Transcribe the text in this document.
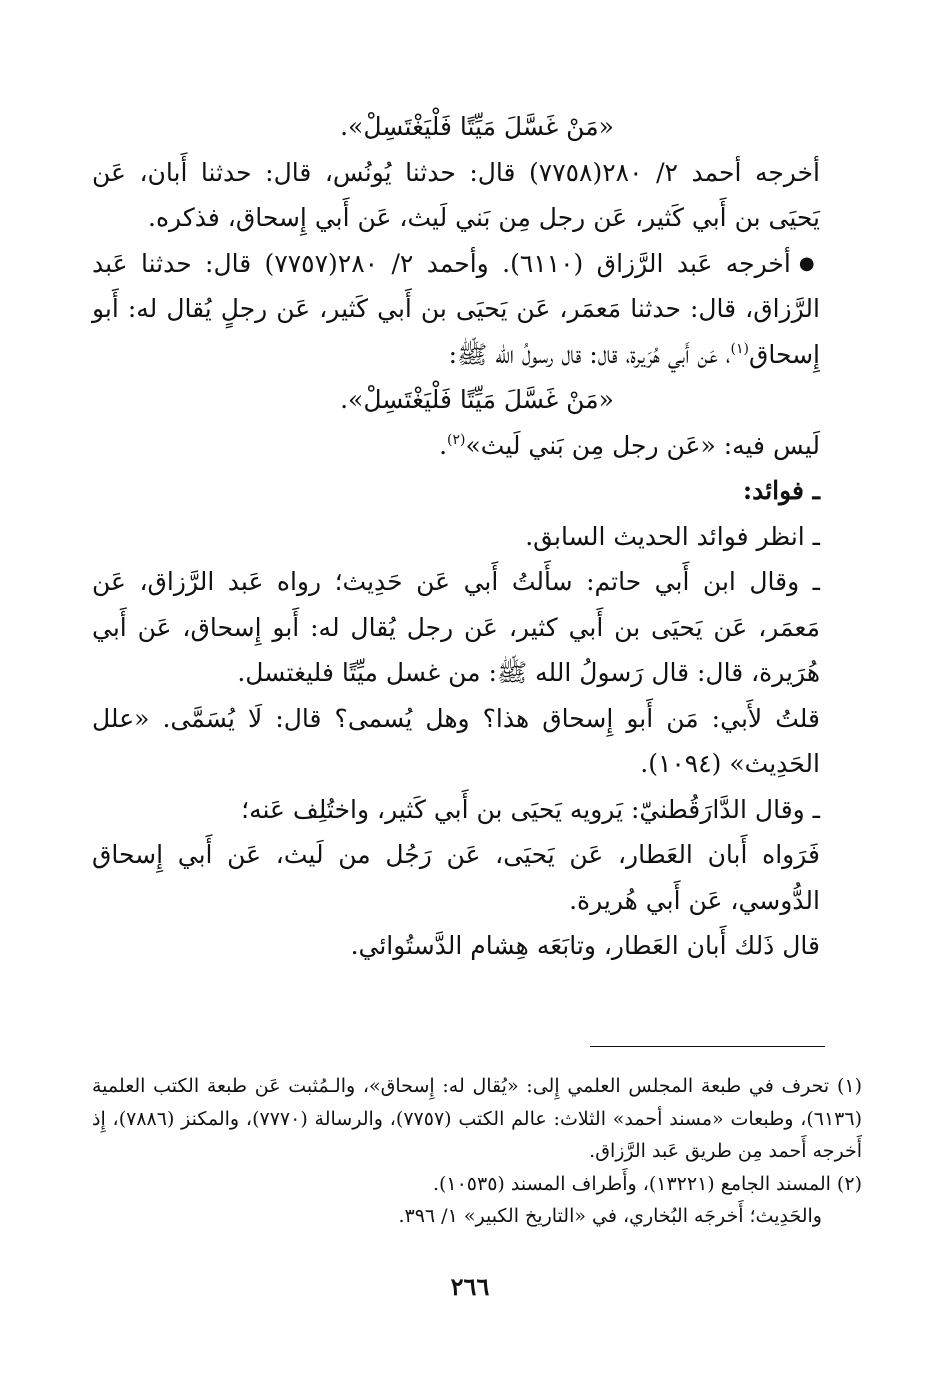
«مَنْ غَسَّلَ مَيِّتًا فَلْيَغْتَسِلْ».

أخرجه أحمد ٢/ ٢٨٠(٧٧٥٨) قال: حدثنا يُونُس، قال: حدثنا أَبان، عَن يَحيَى بن أَبي كَثير، عَن رجل مِن بَني لَيث، عَن أَبي إِسحاق، فذكره.

●أخرجه عَبد الرَّزاق (٦١١٠). وأحمد ٢/ ٢٨٠(٧٧٥٧) قال: حدثنا عَبد الرَّزاق، قال: حدثنا مَعمَر، عَن يَحيَى بن أَبي كَثير، عَن رجلٍ يُقال له: أَبو إِسحاق$^{(١)}$، عَن أَبي هُرَيرة، قال: قال رسولُ الله ﷺ:

«مَنْ غَسَّلَ مَيِّتًا فَلْيَغْتَسِلْ».

لَيس فيه: «عَن رجل مِن بَني لَيث»$^{(٢)}$.

ـ فوائد:

ـ انظر فوائد الحديث السابق.

ـ وقال ابن أَبي حاتم: سأَلتُ أَبي عَن حَدِيث؛ رواه عَبد الرَّزاق، عَن مَعمَر، عَن يَحيَى بن أَبي كثير، عَن رجل يُقال له: أَبو إِسحاق، عَن أَبي هُرَيرة، قال: قال رَسولُ الله ﷺ: من غسل ميِّتًا فليغتسل.

قلتُ لأَبي: مَن أَبو إِسحاق هذا؟ وهل يُسمى؟ قال: لَا يُسَمَّى. «علل الحَدِيث» (١٠٩٤).

ـ وقال الدَّارَقُطنيّ: يَرويه يَحيَى بن أَبي كَثير، واختُلِف عَنه؛

فَرَواه أَبان العَطار، عَن يَحيَى، عَن رَجُل من لَيث، عَن أَبي إِسحاق الدُّوسي، عَن أَبي هُريرة.

قال ذَلك أَبان العَطار، وتابَعَه هِشام الدَّستُوائي.

(١) تحرف في طبعة المجلس العلمي إِلى: «يُقال له: إِسحاق»، والـمُثبت عَن طبعة الكتب العلمية (٦١٣٦)، وطبعات «مسند أحمد» الثلاث: عالم الكتب (٧٧٥٧)، والرسالة (٧٧٧٠)، والمكنز (٧٨٨٦)، إِذ أَخرجه أَحمد مِن طريق عَبد الرَّزاق.

(٢) المسند الجامع (١٣٢٢١)، وأَطراف المسند (١٠٥٣٥).

والحَدِيث؛ أَخرجَه البُخاري، في «التاريخ الكبير» ١/ ٣٩٦.

٢٦٦
